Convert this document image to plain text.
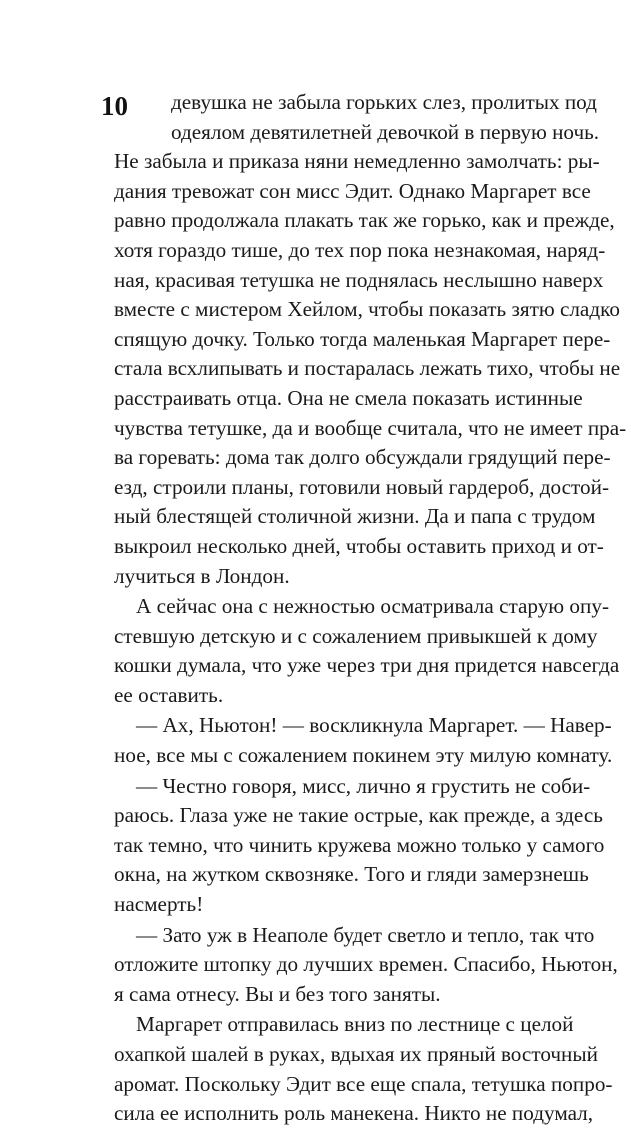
10	девушка не забыла горьких слез, пролитых под
одеялом девятилетней девочкой в первую ночь.
Не забыла и приказа няни немедленно замолчать: ры-
дания тревожат сон мисс Эдит. Однако Маргарет все
равно продолжала плакать так же горько, как и прежде,
хотя гораздо тише, до тех пор пока незнакомая, наряд-
ная, красивая тетушка не поднялась неслышно наверх
вместе с мистером Хейлом, чтобы показать зятю сладко
спящую дочку. Только тогда маленькая Маргарет пере-
стала всхлипывать и постаралась лежать тихо, чтобы не
расстраивать отца. Она не смела показать истинные
чувства тетушке, да и вообще считала, что не имеет пра-
ва горевать: дома так долго обсуждали грядущий пере-
езд, строили планы, готовили новый гардероб, достой-
ный блестящей столичной жизни. Да и папа с трудом
выкроил несколько дней, чтобы оставить приход и от-
лучиться в Лондон.
А сейчас она с нежностью осматривала старую опу-
стевшую детскую и с сожалением привыкшей к дому
кошки думала, что уже через три дня придется навсегда
ее оставить.
— Ах, Ньютон! — воскликнула Маргарет. — Навер-
ное, все мы с сожалением покинем эту милую комнату.
— Честно говоря, мисс, лично я грустить не соби-
раюсь. Глаза уже не такие острые, как прежде, а здесь
так темно, что чинить кружева можно только у самого
окна, на жутком сквозняке. Того и гляди замерзнешь
насмерть!
— Зато уж в Неаполе будет светло и тепло, так что
отложите штопку до лучших времен. Спасибо, Ньютон,
я сама отнесу. Вы и без того заняты.
Маргарет отправилась вниз по лестнице с целой
охапкой шалей в руках, вдыхая их пряный восточный
аромат. Поскольку Эдит все еще спала, тетушка попро-
сила ее исполнить роль манекена. Никто не подумал,
